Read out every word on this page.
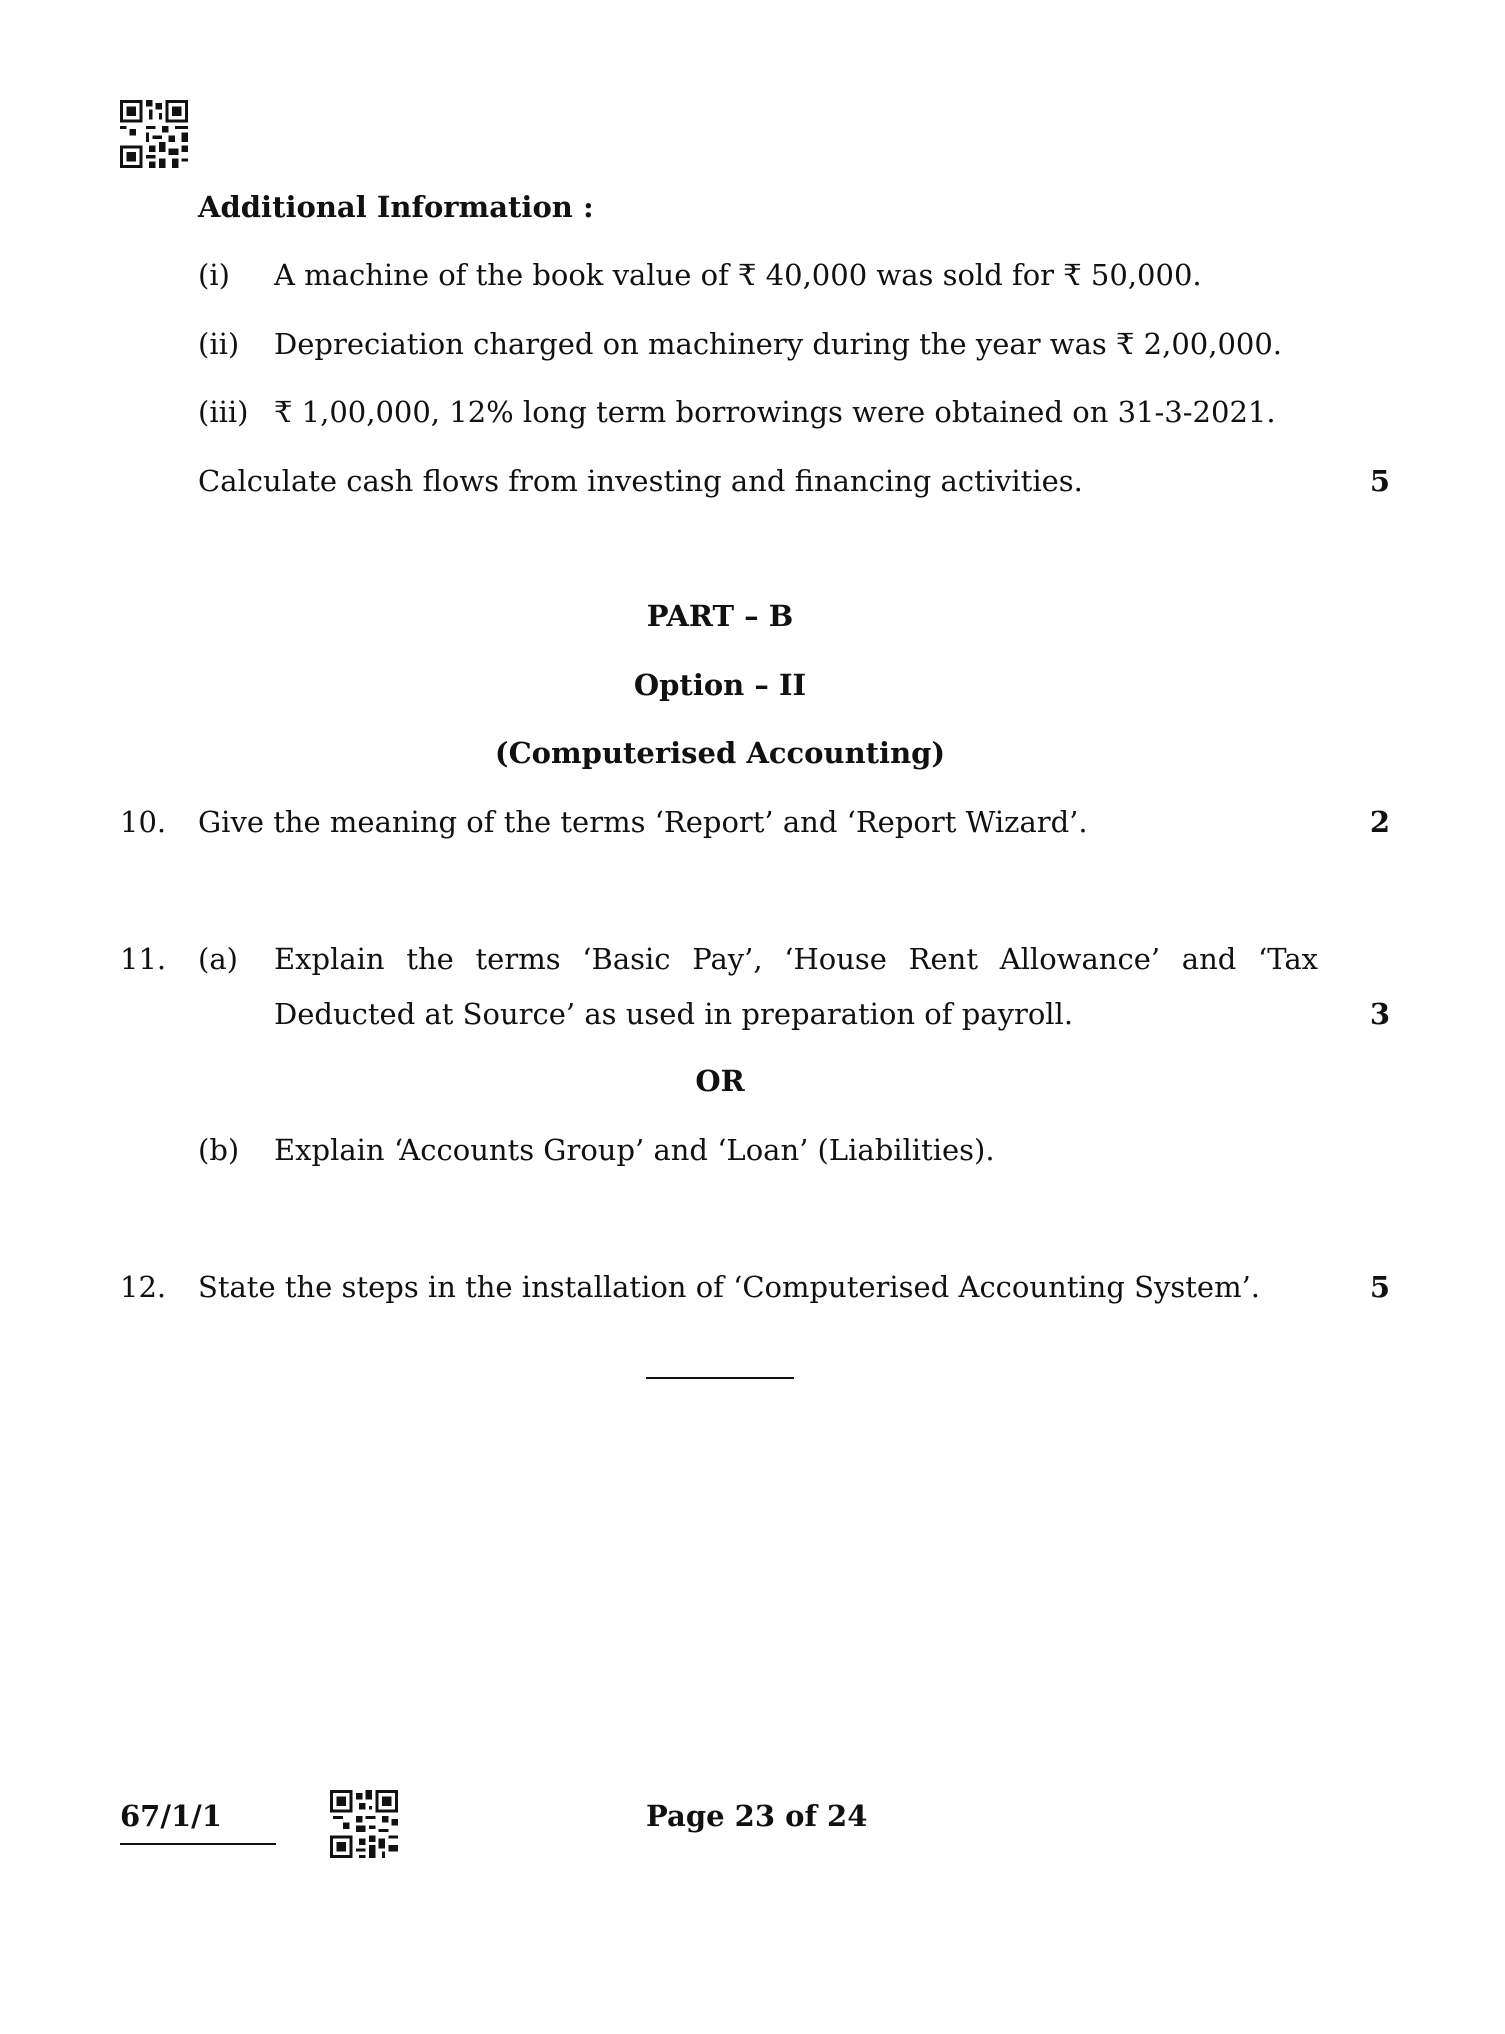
Additional Information :
(i) A machine of the book value of ₹ 40,000 was sold for ₹ 50,000.
(ii) Depreciation charged on machinery during the year was ₹ 2,00,000.
(iii) ₹ 1,00,000, 12% long term borrowings were obtained on 31-3-2021.
Calculate cash flows from investing and financing activities.	5
PART – B
Option – II
(Computerised Accounting)
10. Give the meaning of the terms ‘Report’ and ‘Report Wizard’.	2
11. (a) Explain the terms ‘Basic Pay’, ‘House Rent Allowance’ and ‘Tax
Deducted at Source’ as used in preparation of payroll.	3
OR
(b) Explain ‘Accounts Group’ and ‘Loan’ (Liabilities).
12. State the steps in the installation of ‘Computerised Accounting System’.	5
67/1/1	Page 23 of 24
